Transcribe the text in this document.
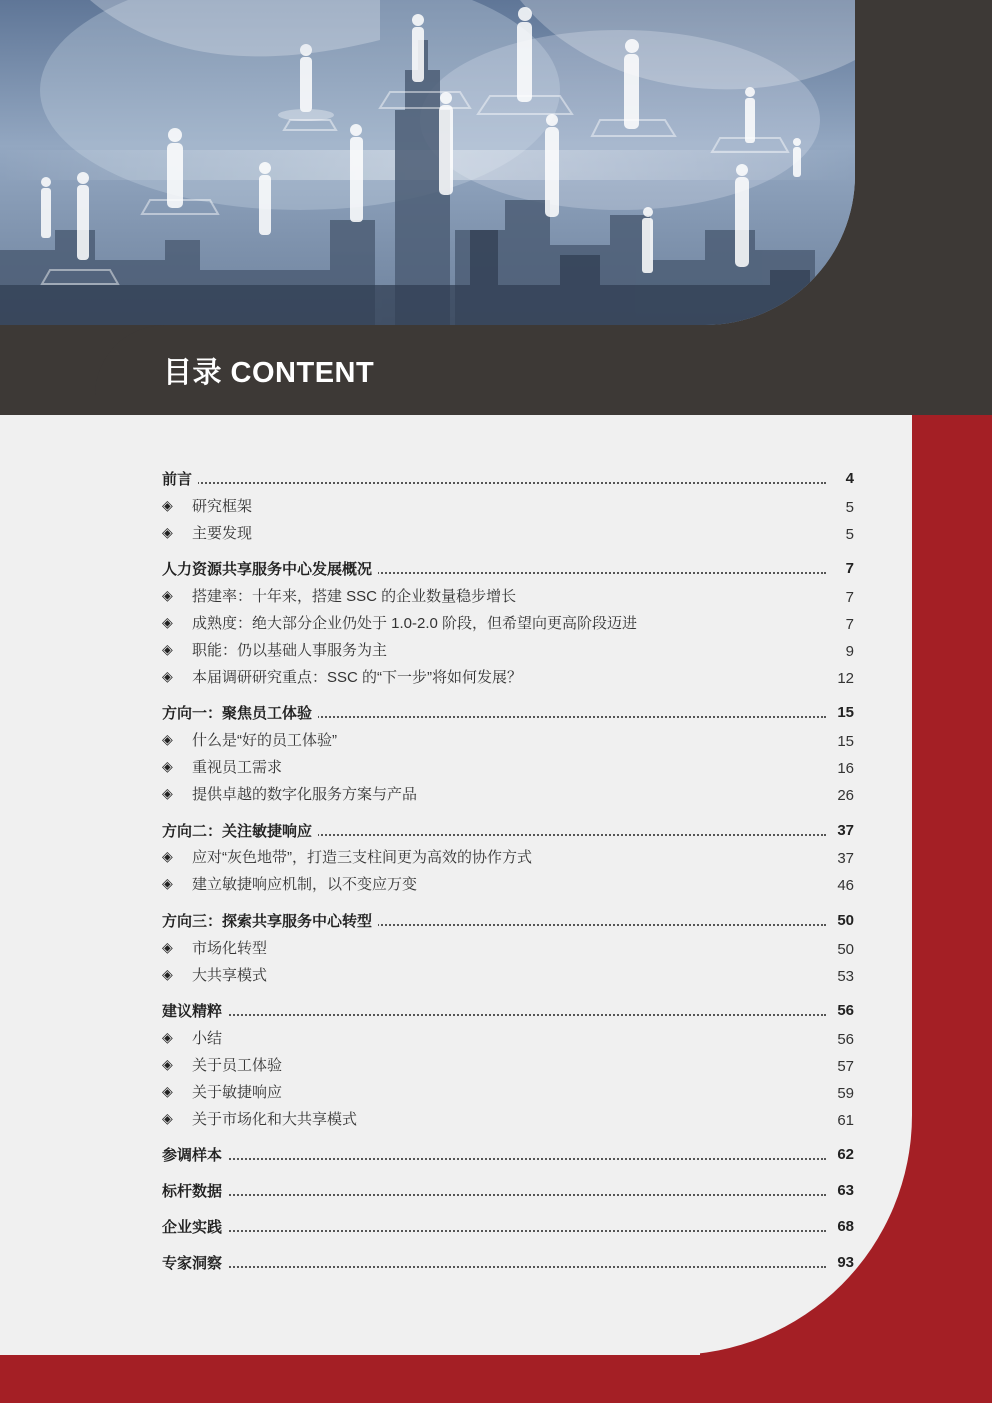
目录 CONTENT
前言	4
◈ 研究框架	5
◈ 主要发现	5
人力资源共享服务中心发展概况	7
◈ 搭建率：十年来，搭建 SSC 的企业数量稳步增长	7
◈ 成熟度：绝大部分企业仍处于 1.0-2.0 阶段，但希望向更高阶段迈进	7
◈ 职能：仍以基础人事服务为主	9
◈ 本届调研研究重点：SSC 的“下一步”将如何发展？	12
方向一：聚焦员工体验	15
◈ 什么是“好的员工体验”	15
◈ 重视员工需求	16
◈ 提供卓越的数字化服务方案与产品	26
方向二：关注敏捷响应	37
◈ 应对“灰色地带”，打造三支柱间更为高效的协作方式	37
◈ 建立敏捷响应机制，以不变应万变	46
方向三：探索共享服务中心转型	50
◈ 市场化转型	50
◈ 大共享模式	53
建议精粹	56
◈ 小结	56
◈ 关于员工体验	57
◈ 关于敏捷响应	59
◈ 关于市场化和大共享模式	61
参调样本	62
标杆数据	63
企业实践	68
专家洞察	93
